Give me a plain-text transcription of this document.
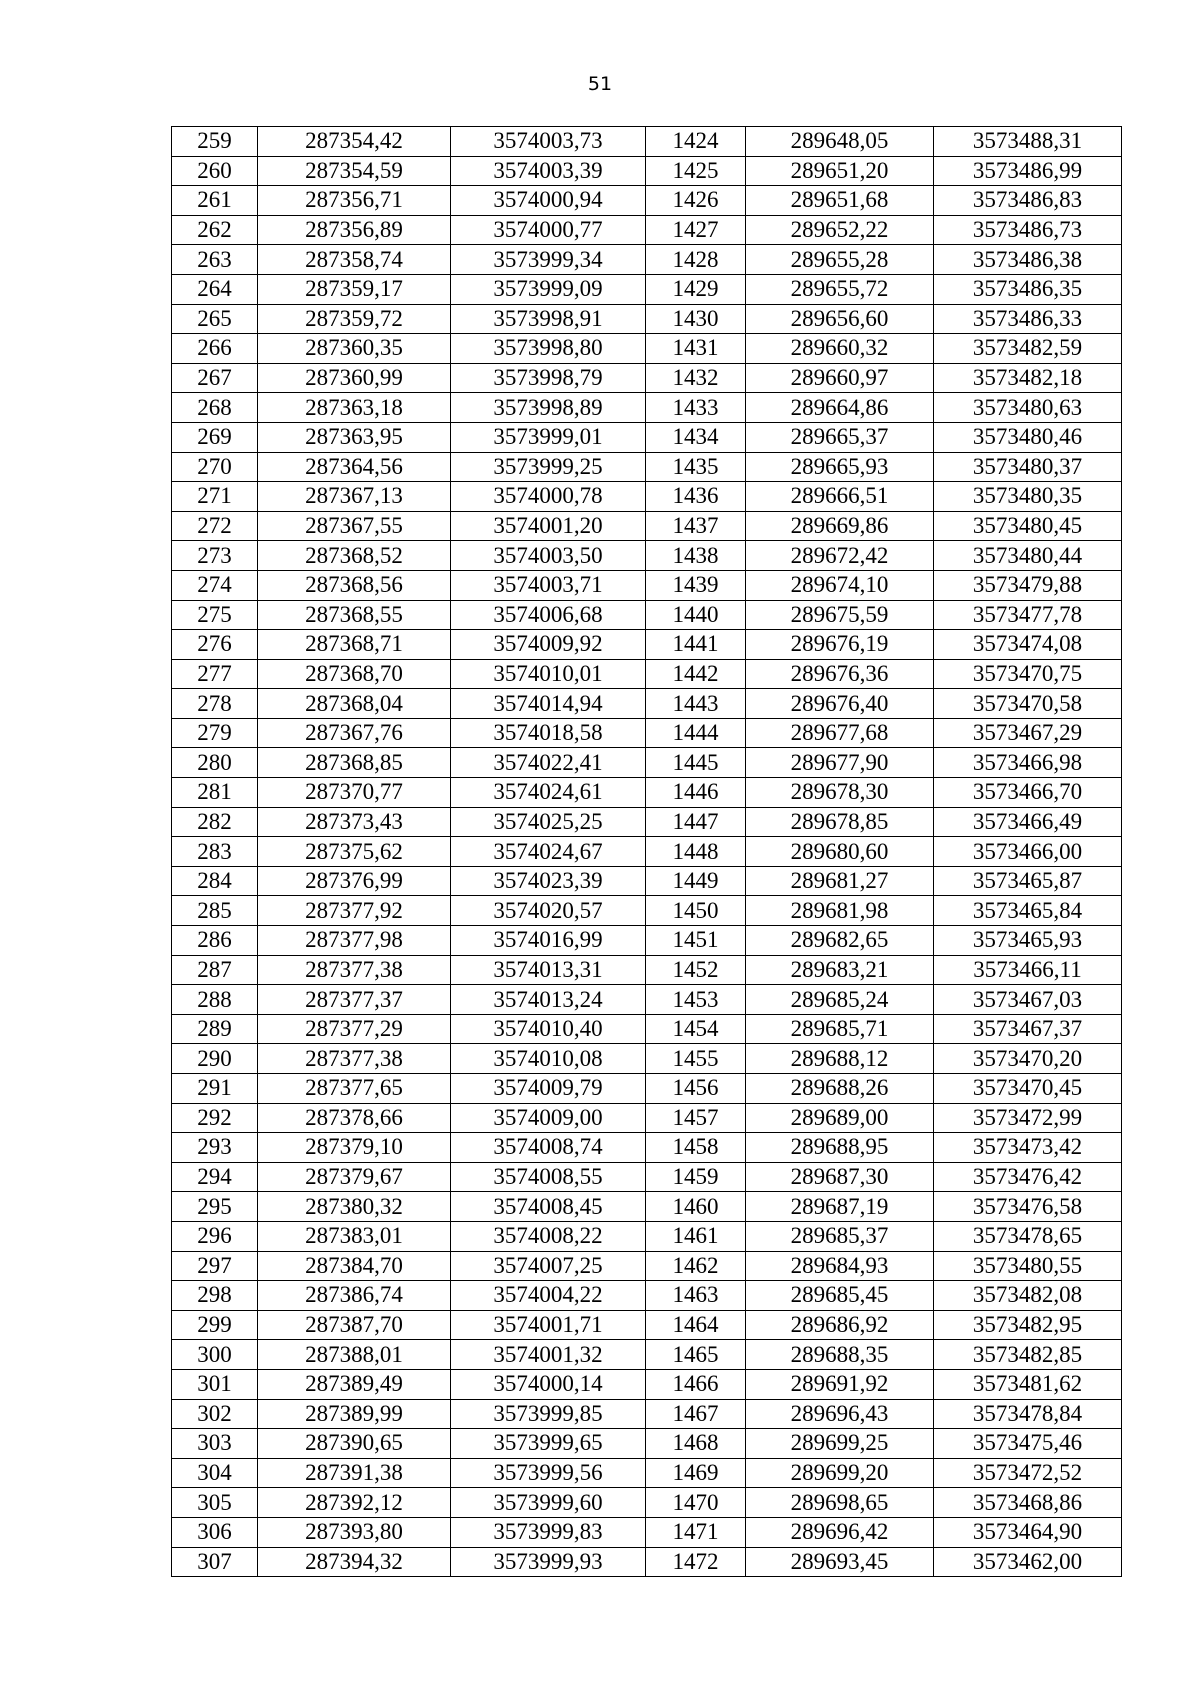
51
259	287354,42	3574003,73	1424	289648,05	3573488,31
260	287354,59	3574003,39	1425	289651,20	3573486,99
261	287356,71	3574000,94	1426	289651,68	3573486,83
262	287356,89	3574000,77	1427	289652,22	3573486,73
263	287358,74	3573999,34	1428	289655,28	3573486,38
264	287359,17	3573999,09	1429	289655,72	3573486,35
265	287359,72	3573998,91	1430	289656,60	3573486,33
266	287360,35	3573998,80	1431	289660,32	3573482,59
267	287360,99	3573998,79	1432	289660,97	3573482,18
268	287363,18	3573998,89	1433	289664,86	3573480,63
269	287363,95	3573999,01	1434	289665,37	3573480,46
270	287364,56	3573999,25	1435	289665,93	3573480,37
271	287367,13	3574000,78	1436	289666,51	3573480,35
272	287367,55	3574001,20	1437	289669,86	3573480,45
273	287368,52	3574003,50	1438	289672,42	3573480,44
274	287368,56	3574003,71	1439	289674,10	3573479,88
275	287368,55	3574006,68	1440	289675,59	3573477,78
276	287368,71	3574009,92	1441	289676,19	3573474,08
277	287368,70	3574010,01	1442	289676,36	3573470,75
278	287368,04	3574014,94	1443	289676,40	3573470,58
279	287367,76	3574018,58	1444	289677,68	3573467,29
280	287368,85	3574022,41	1445	289677,90	3573466,98
281	287370,77	3574024,61	1446	289678,30	3573466,70
282	287373,43	3574025,25	1447	289678,85	3573466,49
283	287375,62	3574024,67	1448	289680,60	3573466,00
284	287376,99	3574023,39	1449	289681,27	3573465,87
285	287377,92	3574020,57	1450	289681,98	3573465,84
286	287377,98	3574016,99	1451	289682,65	3573465,93
287	287377,38	3574013,31	1452	289683,21	3573466,11
288	287377,37	3574013,24	1453	289685,24	3573467,03
289	287377,29	3574010,40	1454	289685,71	3573467,37
290	287377,38	3574010,08	1455	289688,12	3573470,20
291	287377,65	3574009,79	1456	289688,26	3573470,45
292	287378,66	3574009,00	1457	289689,00	3573472,99
293	287379,10	3574008,74	1458	289688,95	3573473,42
294	287379,67	3574008,55	1459	289687,30	3573476,42
295	287380,32	3574008,45	1460	289687,19	3573476,58
296	287383,01	3574008,22	1461	289685,37	3573478,65
297	287384,70	3574007,25	1462	289684,93	3573480,55
298	287386,74	3574004,22	1463	289685,45	3573482,08
299	287387,70	3574001,71	1464	289686,92	3573482,95
300	287388,01	3574001,32	1465	289688,35	3573482,85
301	287389,49	3574000,14	1466	289691,92	3573481,62
302	287389,99	3573999,85	1467	289696,43	3573478,84
303	287390,65	3573999,65	1468	289699,25	3573475,46
304	287391,38	3573999,56	1469	289699,20	3573472,52
305	287392,12	3573999,60	1470	289698,65	3573468,86
306	287393,80	3573999,83	1471	289696,42	3573464,90
307	287394,32	3573999,93	1472	289693,45	3573462,00
